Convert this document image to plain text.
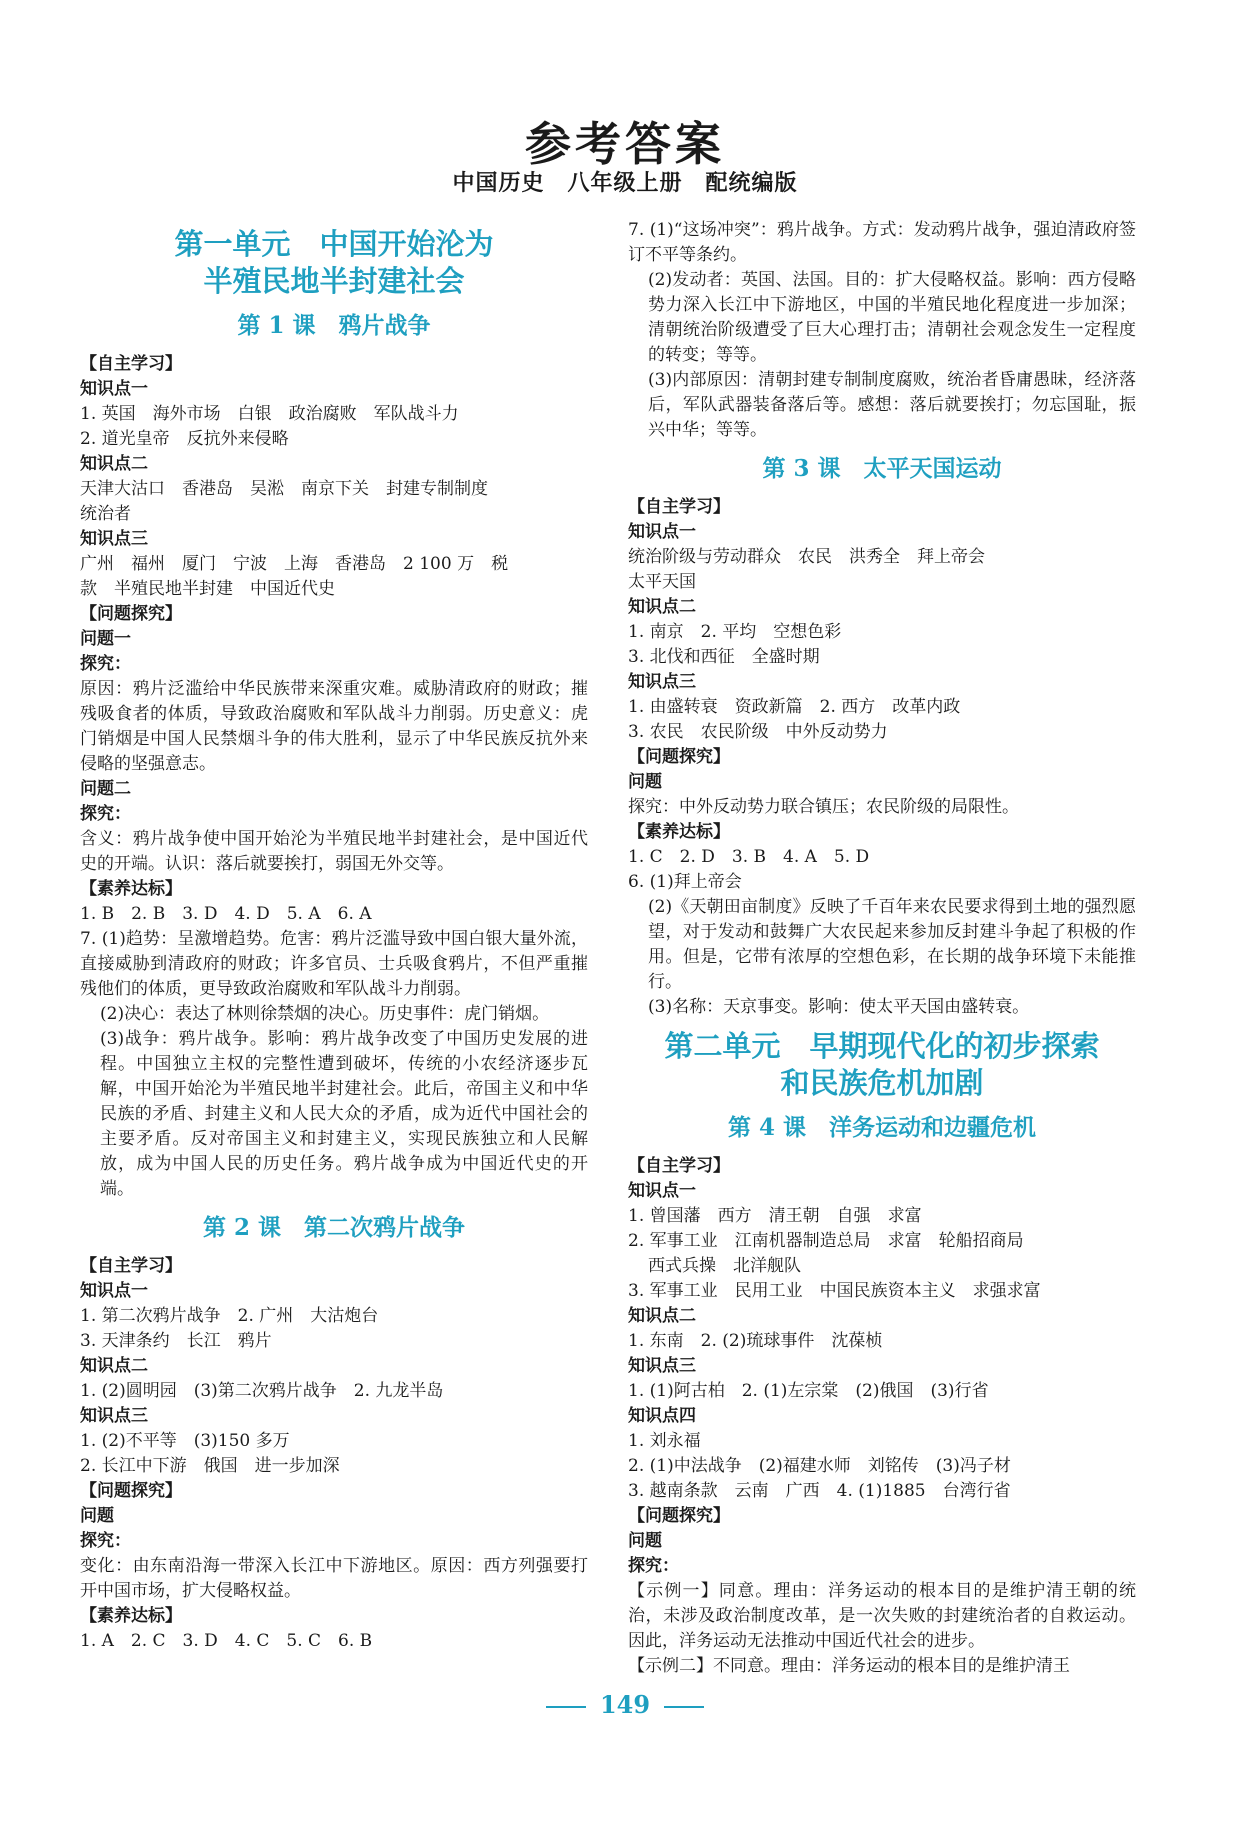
参考答案
中国历史　八年级上册　配统编版
第一单元　中国开始沦为
半殖民地半封建社会
第 1 课　鸦片战争
【自主学习】
知识点一
1. 英国　海外市场　白银　政治腐败　军队战斗力
2. 道光皇帝　反抗外来侵略
知识点二
天津大沽口　香港岛　吴淞　南京下关　封建专制制度
统治者
知识点三
广州　福州　厦门　宁波　上海　香港岛　2 100 万　税
款　半殖民地半封建　中国近代史
【问题探究】
问题一
探究：
原因：鸦片泛滥给中华民族带来深重灾难。威胁清政府的财政；摧残吸食者的体质，导致政治腐败和军队战斗力削弱。历史意义：虎门销烟是中国人民禁烟斗争的伟大胜利，显示了中华民族反抗外来侵略的坚强意志。
问题二
探究：
含义：鸦片战争使中国开始沦为半殖民地半封建社会，是中国近代史的开端。认识：落后就要挨打，弱国无外交等。
【素养达标】
1. B　2. B　3. D　4. D　5. A　6. A
7. (1)趋势：呈激增趋势。危害：鸦片泛滥导致中国白银大量外流，直接威胁到清政府的财政；许多官员、士兵吸食鸦片，不但严重摧残他们的体质，更导致政治腐败和军队战斗力削弱。
(2)决心：表达了林则徐禁烟的决心。历史事件：虎门销烟。
(3)战争：鸦片战争。影响：鸦片战争改变了中国历史发展的进程。中国独立主权的完整性遭到破坏，传统的小农经济逐步瓦解，中国开始沦为半殖民地半封建社会。此后，帝国主义和中华民族的矛盾、封建主义和人民大众的矛盾，成为近代中国社会的主要矛盾。反对帝国主义和封建主义，实现民族独立和人民解放，成为中国人民的历史任务。鸦片战争成为中国近代史的开端。
第 2 课　第二次鸦片战争
【自主学习】
知识点一
1. 第二次鸦片战争　2. 广州　大沽炮台
3. 天津条约　长江　鸦片
知识点二
1. (2)圆明园　(3)第二次鸦片战争　2. 九龙半岛
知识点三
1. (2)不平等　(3)150 多万
2. 长江中下游　俄国　进一步加深
【问题探究】
问题
探究：
变化：由东南沿海一带深入长江中下游地区。原因：西方列强要打开中国市场，扩大侵略权益。
【素养达标】
1. A　2. C　3. D　4. C　5. C　6. B
7. (1)“这场冲突”：鸦片战争。方式：发动鸦片战争，强迫清政府签订不平等条约。
(2)发动者：英国、法国。目的：扩大侵略权益。影响：西方侵略势力深入长江中下游地区，中国的半殖民地化程度进一步加深；清朝统治阶级遭受了巨大心理打击；清朝社会观念发生一定程度的转变；等等。
(3)内部原因：清朝封建专制制度腐败，统治者昏庸愚昧，经济落后，军队武器装备落后等。感想：落后就要挨打；勿忘国耻，振兴中华；等等。
第 3 课　太平天国运动
【自主学习】
知识点一
统治阶级与劳动群众　农民　洪秀全　拜上帝会
太平天国
知识点二
1. 南京　2. 平均　空想色彩
3. 北伐和西征　全盛时期
知识点三
1. 由盛转衰　资政新篇　2. 西方　改革内政
3. 农民　农民阶级　中外反动势力
【问题探究】
问题
探究：中外反动势力联合镇压；农民阶级的局限性。
【素养达标】
1. C　2. D　3. B　4. A　5. D
6. (1)拜上帝会
(2)《天朝田亩制度》反映了千百年来农民要求得到土地的强烈愿望，对于发动和鼓舞广大农民起来参加反封建斗争起了积极的作用。但是，它带有浓厚的空想色彩，在长期的战争环境下未能推行。
(3)名称：天京事变。影响：使太平天国由盛转衰。
第二单元　早期现代化的初步探索
和民族危机加剧
第 4 课　洋务运动和边疆危机
【自主学习】
知识点一
1. 曾国藩　西方　清王朝　自强　求富
2. 军事工业　江南机器制造总局　求富　轮船招商局
西式兵操　北洋舰队
3. 军事工业　民用工业　中国民族资本主义　求强求富
知识点二
1. 东南　2. (2)琉球事件　沈葆桢
知识点三
1. (1)阿古柏　2. (1)左宗棠　(2)俄国　(3)行省
知识点四
1. 刘永福
2. (1)中法战争　(2)福建水师　刘铭传　(3)冯子材
3. 越南条款　云南　广西　4. (1)1885　台湾行省
【问题探究】
问题
探究：
【示例一】同意。理由：洋务运动的根本目的是维护清王朝的统治，未涉及政治制度改革，是一次失败的封建统治者的自救运动。因此，洋务运动无法推动中国近代社会的进步。
【示例二】不同意。理由：洋务运动的根本目的是维护清王
149
